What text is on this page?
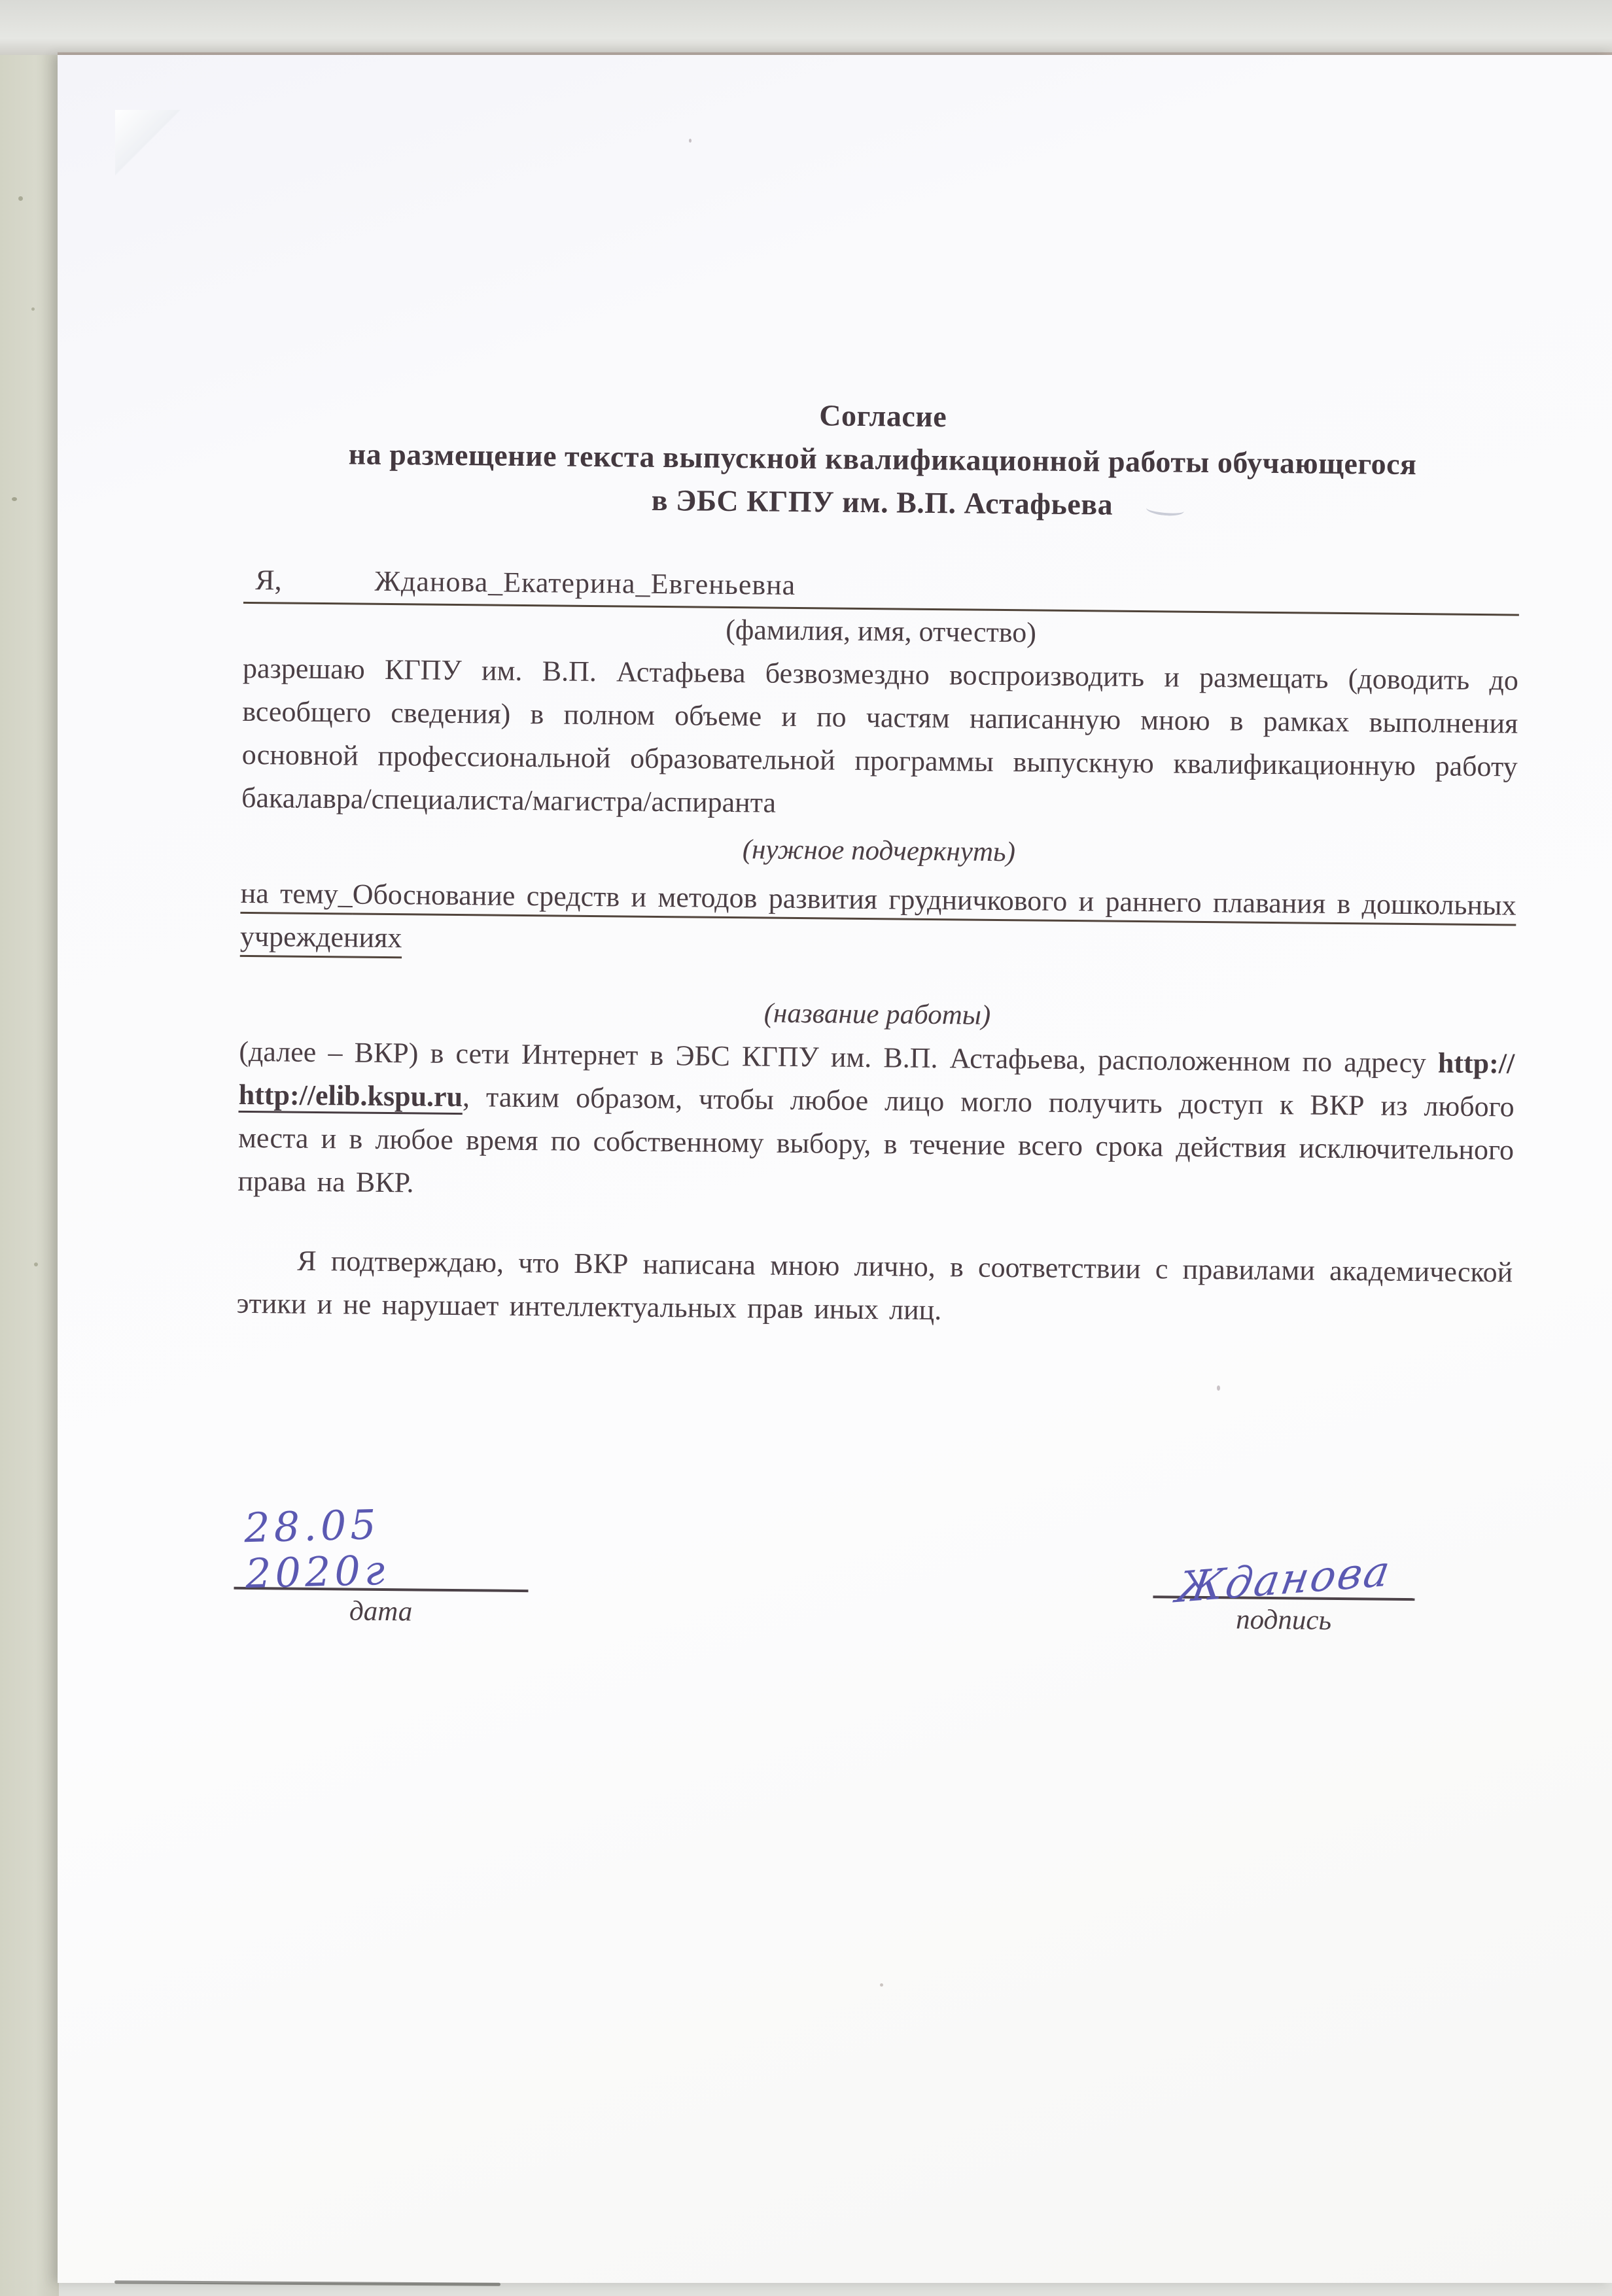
Согласие
на размещение текста выпускной квалификационной работы обучающегося
в ЭБС КГПУ им. В.П. Астафьева
Я,	Жданова_Екатерина_Евгеньевна
(фамилия, имя, отчество)

разрешаю КГПУ им. В.П. Астафьева безвозмездно воспроизводить и размещать (доводить до всеобщего сведения) в полном объеме и по частям написанную мною в рамках выполнения основной профессиональной образовательной программы выпускную квалификационную работу бакалавра/специалиста/магистра/аспиранта

(нужное подчеркнуть)

на тему_Обоснование средств и методов развития грудничкового и раннего плавания в дошкольных учреждениях

(название работы)

(далее – ВКР) в сети Интернет в ЭБС КГПУ им. В.П. Астафьева, расположенном по адресу http:// http://elib.kspu.ru, таким образом, чтобы любое лицо могло получить доступ к ВКР из любого места и в любое время по собственному выбору, в течение всего срока действия исключительного права на ВКР.

Я подтверждаю, что ВКР написана мною лично, в соответствии с правилами академической этики и не нарушает интеллектуальных прав иных лиц.

28.05 2020г
дата	Жданова
подпись
